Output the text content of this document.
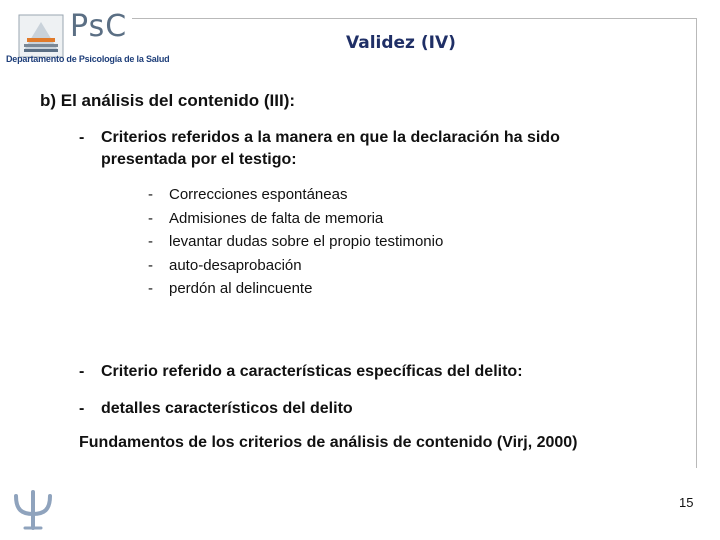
PsC
Departamento de Psicología de la Salud
Validez (IV)
b) El análisis del contenido (III):
-	Criterios referidos a la manera en que la declaración ha sido presentada por el testigo:
- Correcciones espontáneas
- Admisiones de falta de memoria
- levantar dudas sobre el propio testimonio
- auto-desaprobación
- perdón al delincuente
-	Criterio referido a características específicas del delito:
-	detalles característicos del delito
Fundamentos de los criterios de análisis de contenido (Virj, 2000)
15
